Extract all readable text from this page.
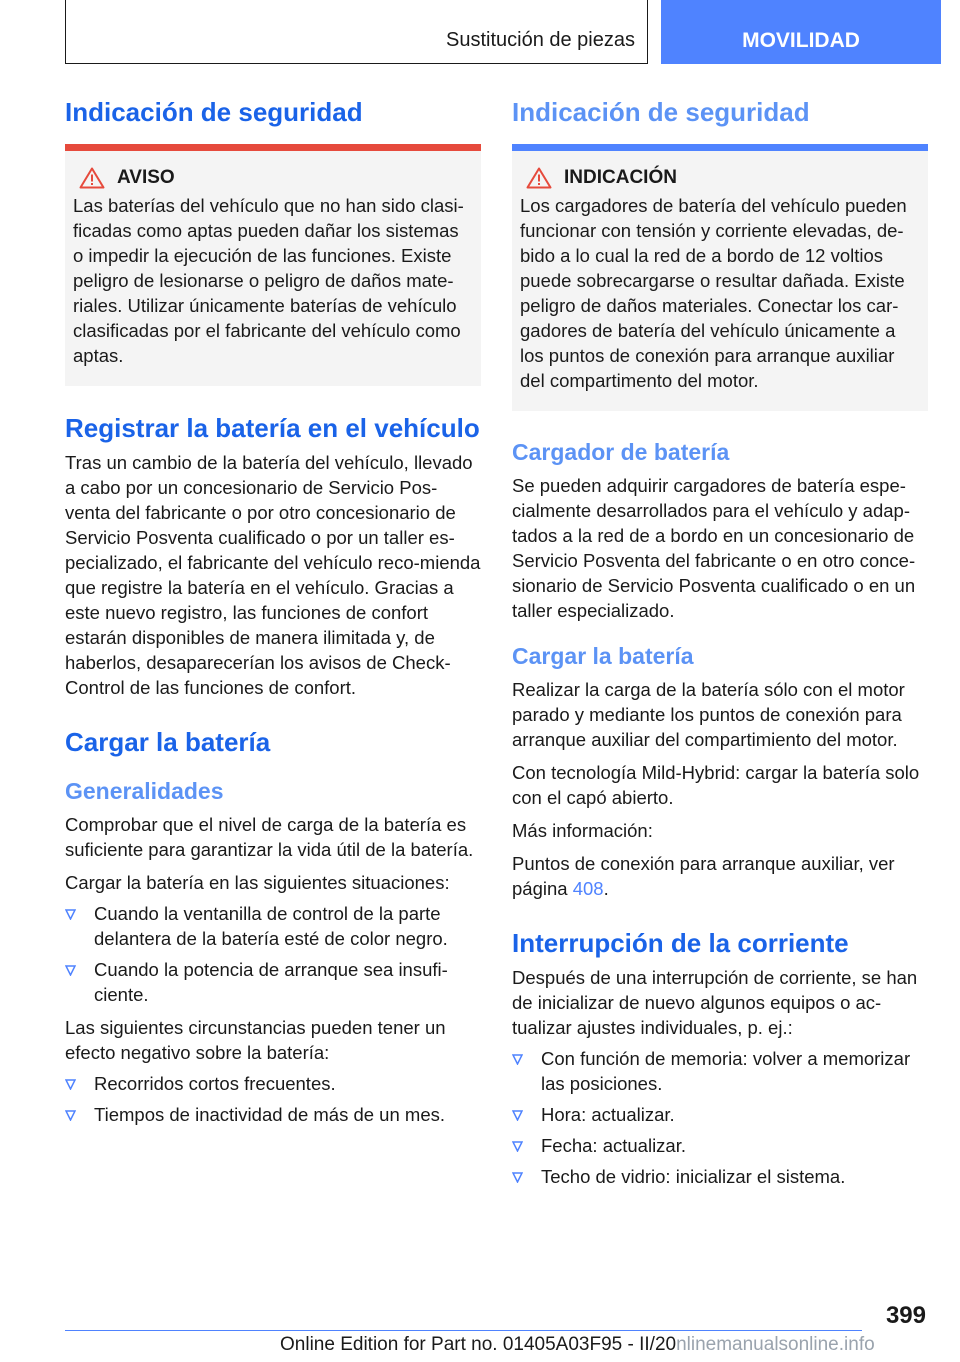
Sustitución de piezas	MOVILIDAD
Indicación de seguridad
AVISO

Las baterías del vehículo que no han sido clasi-ficadas como aptas pueden dañar los sistemas o impedir la ejecución de las funciones. Existe peligro de lesionarse o peligro de daños mate-riales. Utilizar únicamente baterías de vehículo clasificadas por el fabricante del vehículo como aptas.

Registrar la batería en el vehículo

Tras un cambio de la batería del vehículo, llevado a cabo por un concesionario de Servicio Pos-venta del fabricante o por otro concesionario de Servicio Posventa cualificado o por un taller es-pecializado, el fabricante del vehículo reco-mienda que registre la batería en el vehículo. Gracias a este nuevo registro, las funciones de confort estarán disponibles de manera ilimitada y, de haberlos, desaparecerían los avisos de Check-Control de las funciones de confort.

Cargar la batería
Generalidades

Comprobar que el nivel de carga de la batería es suficiente para garantizar la vida útil de la batería.

Cargar la batería en las siguientes situaciones:

Cuando la ventanilla de control de la parte delantera de la batería esté de color negro.
Cuando la potencia de arranque sea insufi-ciente.

Las siguientes circunstancias pueden tener un efecto negativo sobre la batería:

Recorridos cortos frecuentes.
Tiempos de inactividad de más de un mes.
Indicación de seguridad
INDICACIÓN

Los cargadores de batería del vehículo pueden funcionar con tensión y corriente elevadas, de-bido a lo cual la red de a bordo de 12 voltios puede sobrecargarse o resultar dañada. Existe peligro de daños materiales. Conectar los car-gadores de batería del vehículo únicamente a los puntos de conexión para arranque auxiliar del compartimento del motor.

Cargador de batería

Se pueden adquirir cargadores de batería espe-cialmente desarrollados para el vehículo y adap-tados a la red de a bordo en un concesionario de Servicio Posventa del fabricante o en otro conce-sionario de Servicio Posventa cualificado o en un taller especializado.

Cargar la batería

Realizar la carga de la batería sólo con el motor parado y mediante los puntos de conexión para arranque auxiliar del compartimiento del motor.

Con tecnología Mild-Hybrid: cargar la batería solo con el capó abierto.

Más información:

Puntos de conexión para arranque auxiliar, ver página 408.

Interrupción de la corriente

Después de una interrupción de corriente, se han de inicializar de nuevo algunos equipos o ac-tualizar ajustes individuales, p. ej.:

Con función de memoria: volver a memorizar las posiciones.
Hora: actualizar.
Fecha: actualizar.
Techo de vidrio: inicializar el sistema.
399
Online Edition for Part no. 01405A03F95 - II/20nlinemanualsonline.info
